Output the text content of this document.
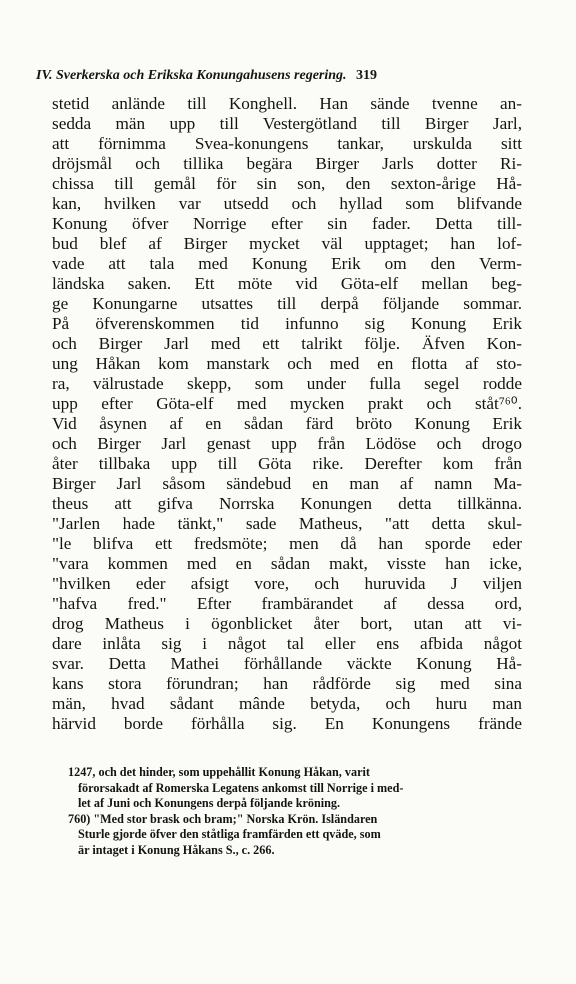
IV. Sverkerska och Erikska Konungahusens regering. 319
stetid anlände till Konghell. Han sände tvenne an-
sedda män upp till Vestergötland till Birger Jarl,
att förnimma Svea-konungens tankar, urskulda sitt
dröjsmål och tillika begära Birger Jarls dotter Ri-
chissa till gemål för sin son, den sexton-årige Hå-
kan, hvilken var utsedd och hyllad som blifvande
Konung öfver Norrige efter sin fader. Detta till-
bud blef af Birger mycket väl upptaget; han lof-
vade att tala med Konung Erik om den Verm-
ländska saken. Ett möte vid Göta-elf mellan beg-
ge Konungarne utsattes till derpå följande sommar.
På öfverenskommen tid infunno sig Konung Erik
och Birger Jarl med ett talrikt följe. Äfven Kon-
ung Håkan kom manstark och med en flotta af sto-
ra, välrustade skepp, som under fulla segel rodde
upp efter Göta-elf med mycken prakt och ståt⁷⁶⁰.
Vid åsynen af en sådan färd bröto Konung Erik
och Birger Jarl genast upp från Lödöse och drogo
åter tillbaka upp till Göta rike. Derefter kom från
Birger Jarl såsom sändebud en man af namn Ma-
theus att gifva Norrska Konungen detta tillkänna.
"Jarlen hade tänkt," sade Matheus, "att detta skul-
"le blifva ett fredsmöte; men då han sporde eder
"vara kommen med en sådan makt, visste han icke,
"hvilken eder afsigt vore, och huruvida J viljen
"hafva fred." Efter frambärandet af dessa ord,
drog Matheus i ögonblicket åter bort, utan att vi-
dare inlåta sig i något tal eller ens afbida något
svar. Detta Mathei förhållande väckte Konung Hå-
kans stora förundran; han rådförde sig med sina
män, hvad sådant mânde betyda, och huru man
härvid borde förhålla sig. En Konungens frände
1247, och det hinder, som uppehållit Konung Håkan, varit
förorsakadt af Romerska Legatens ankomst till Norrige i med-
let af Juni och Konungens derpå följande kröning.
760) "Med stor brask och bram;" Norska Krön. Isländaren
Sturle gjorde öfver den ståtliga framfärden ett qväde, som
är intaget i Konung Håkans S., c. 266.
